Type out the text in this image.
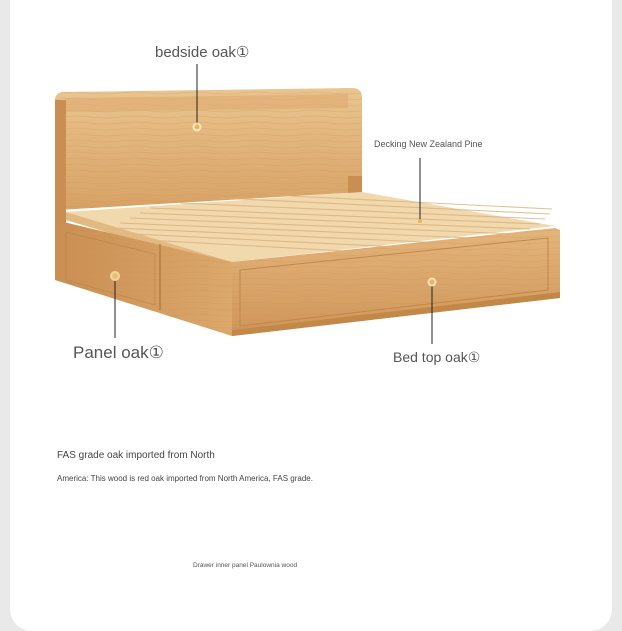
bedside oak①
Decking New Zealand Pine
Panel oak①	Bed top oak①
FAS grade oak imported from North
America: This wood is red oak imported from North America, FAS grade.
Drawer inner panel Paulownia wood
